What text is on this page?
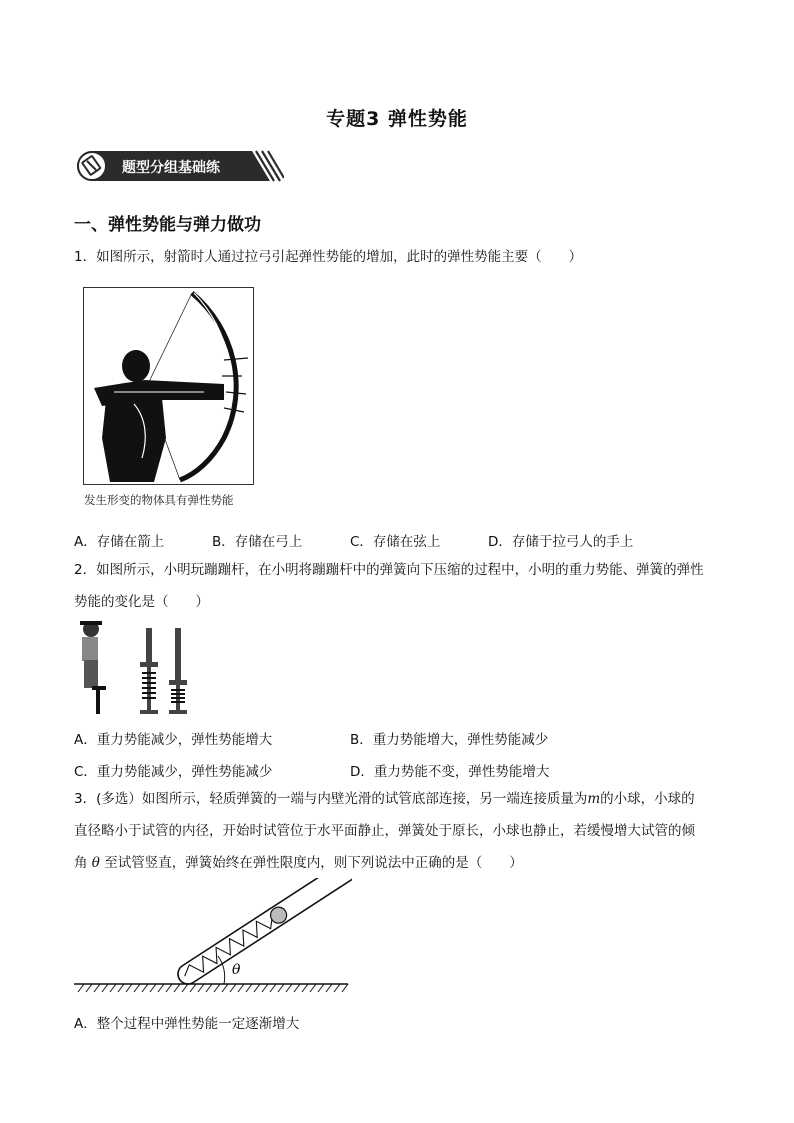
专题3 弹性势能
题型分组基础练
一、弹性势能与弹力做功
1．如图所示，射箭时人通过拉弓引起弹性势能的增加，此时的弹性势能主要（　　）
发生形变的物体具有弹性势能
A．存储在箭上	B．存储在弓上	C．存储在弦上	D．存储于拉弓人的手上
2．如图所示，小明玩蹦蹦杆，在小明将蹦蹦杆中的弹簧向下压缩的过程中，小明的重力势能、弹簧的弹性
势能的变化是（　　）
A．重力势能减少，弹性势能增大	B．重力势能增大，弹性势能减少
C．重力势能减少，弹性势能减少	D．重力势能不变，弹性势能增大
3．(多选）如图所示，轻质弹簧的一端与内壁光滑的试管底部连接，另一端连接质量为m的小球，小球的
直径略小于试管的内径，开始时试管位于水平面静止，弹簧处于原长，小球也静止，若缓慢增大试管的倾
角 θ 至试管竖直，弹簧始终在弹性限度内，则下列说法中正确的是（　　）
θ
A．整个过程中弹性势能一定逐渐增大
